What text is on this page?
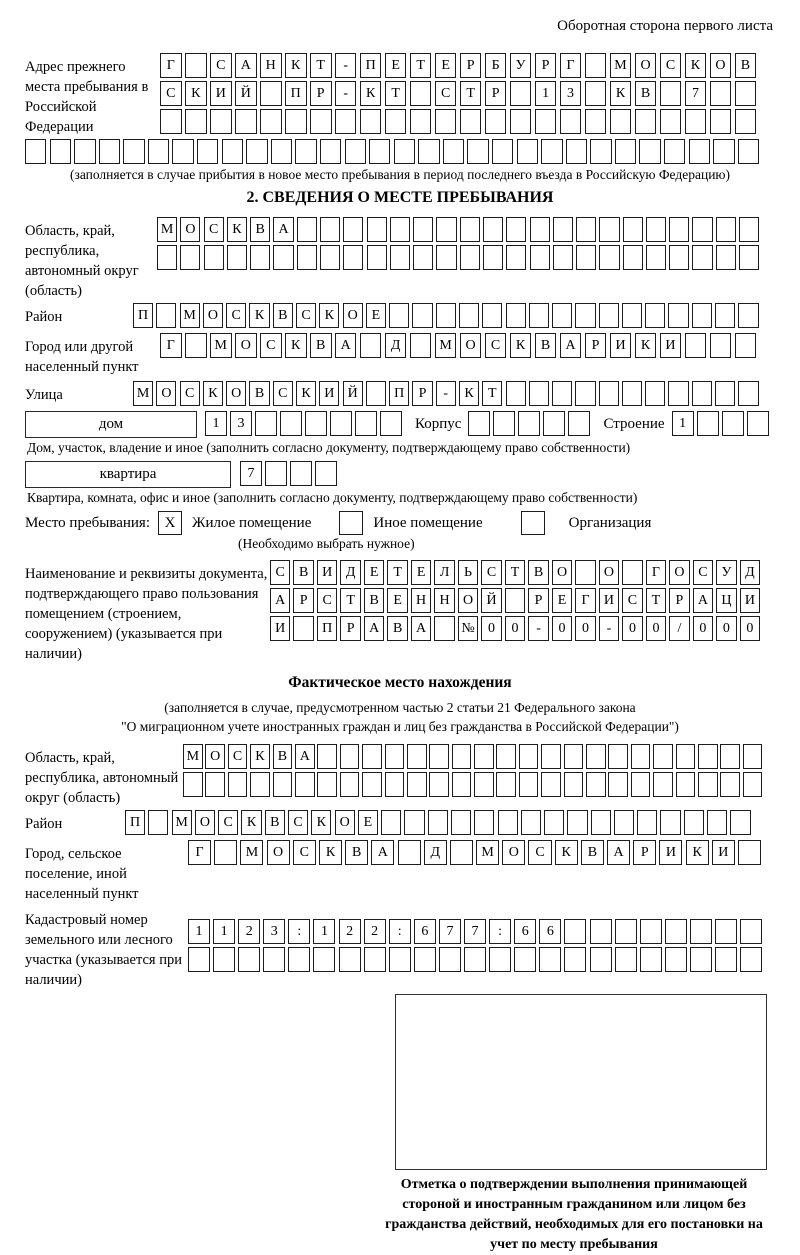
Оборотная сторона первого листа
Адрес прежнего места пребывания в Российской Федерации
Г	С	А	Н	К	Т	-	П	Е	Т	Е	Р	Б	У	Р	Г	М О	С	К	О	В
С	К	И	Й	П	Р	-	К	Т	С	Т	Р	1	3	К	В	7
(заполняется в случае прибытия в новое место пребывания в период последнего въезда в Российскую Федерацию)
2. СВЕДЕНИЯ О МЕСТЕ ПРЕБЫВАНИЯ
Область, край, республика, автономный округ (область)
М О С К В А
Район	П	М О С К В С К О Е
Город или другой населенный пункт
Г	М О	С	К	В	А	Д	М О	С	К	В	А	Р	И	К	И
Улица	М О С К О В С К И Й	П	Р	-	К	Т
дом	1	3	Корпус	Строение	1
Дом, участок, владение и иное (заполнить согласно документу, подтверждающему право собственности)
квартира	7
Квартира, комната, офис и иное (заполнить согласно документу, подтверждающему право собственности)
Место пребывания: X	Жилое помещение	Иное помещение	Организация
(Необходимо выбрать нужное)
Наименование и реквизиты документа, подтверждающего право пользования помещением (строением, сооружением) (указывается при наличии)
С	В И Д	Е	Т	Е	Л	Ь	С	Т	В О	О	Г	О С У Д
А	Р	С	Т	В	Е	Н Н О Й	Р	Е	Г	И С	Т	Р	А Ц И
И	П	Р	А В А	№ 0	0	-	0	0	-	0	0	/	0	0	0
Фактическое место нахождения
(заполняется в случае, предусмотренном частью 2 статьи 21 Федерального закона
"О миграционном учете иностранных граждан и лиц без гражданства в Российской Федерации")
Область, край, республика, автономный округ (область)
М О С К В А
Район	П	М О С К В С К О Е
Город, сельское поселение, иной населенный пункт
Г	М	О	С	К	В	А	Д	М	О	С	К	В	А	Р	И	К	И
Кадастровый номер земельного или лесного участка (указывается при наличии)
1	1	2	3	:	1	2	2	:	6	7	7	:	6	6
Отметка о подтверждении выполнения принимающей стороной и иностранным гражданином или лицом без гражданства действий, необходимых для его постановки на учет по месту пребывания
